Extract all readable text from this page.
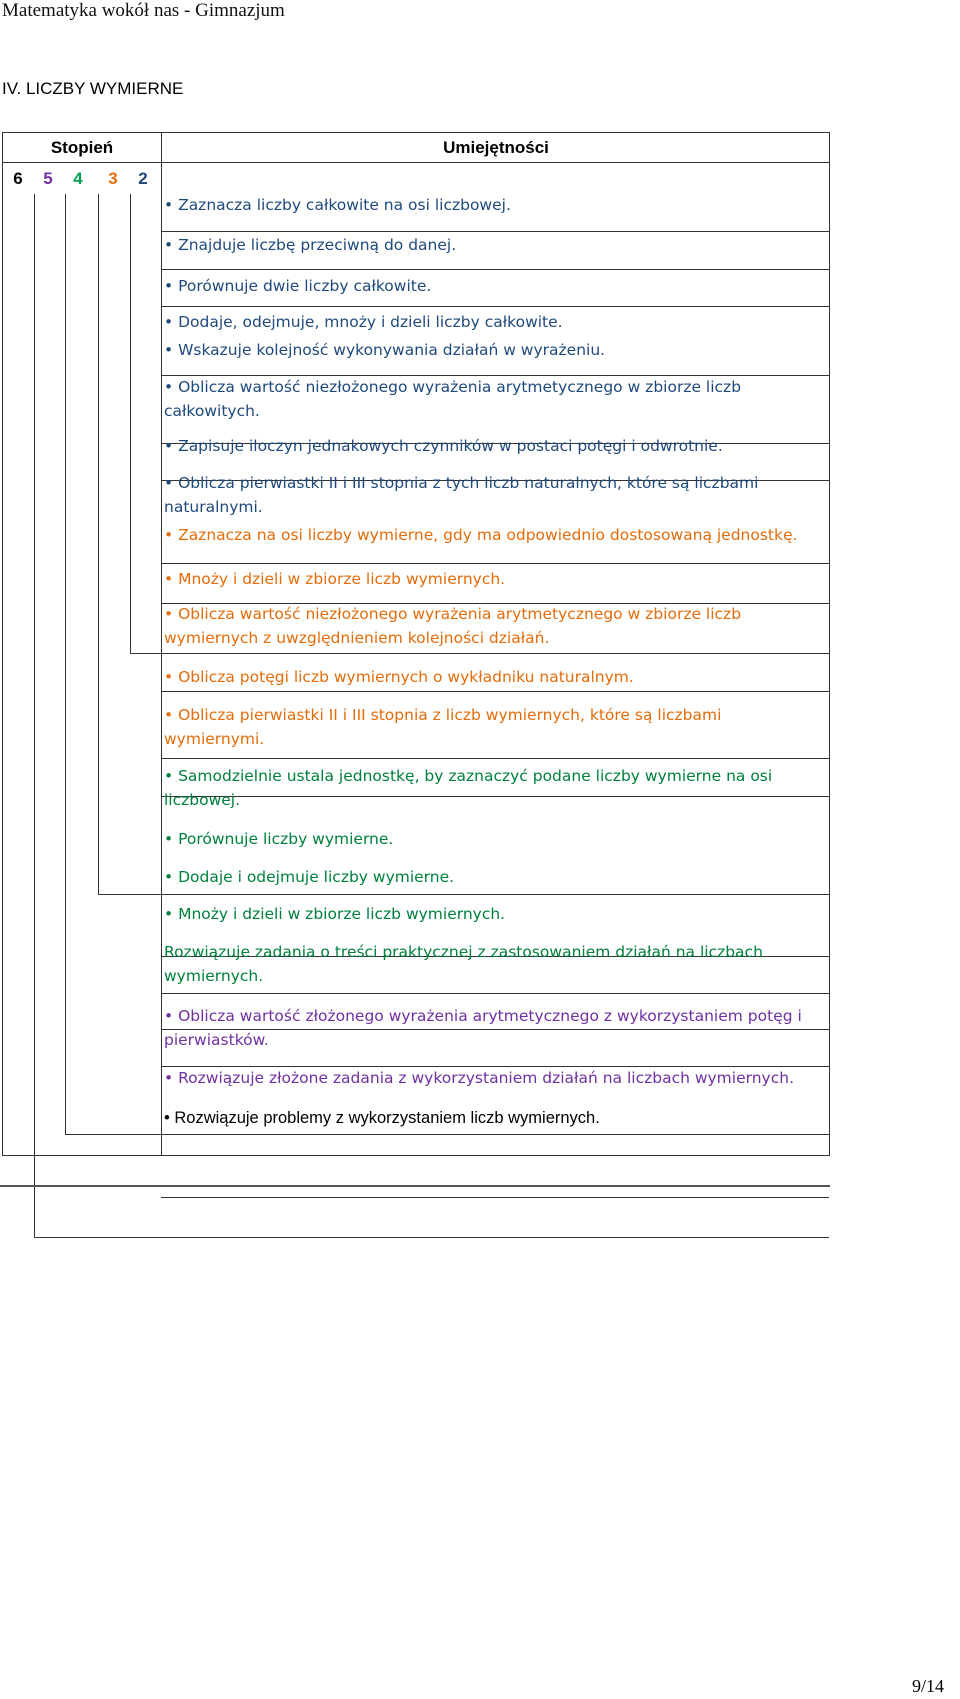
Matematyka wokół nas - Gimnazjum
IV. LICZBY WYMIERNE
Stopień	Umiejętności
6	5	4	3	2
• Zaznacza liczby całkowite na osi liczbowej.
• Znajduje liczbę przeciwną do danej.
• Porównuje dwie liczby całkowite.
• Dodaje, odejmuje, mnoży i dzieli liczby całkowite.
• Wskazuje kolejność wykonywania działań w wyrażeniu.
• Oblicza wartość niezłożonego wyrażenia arytmetycznego w zbiorze liczb całkowitych.
• Zapisuje iloczyn jednakowych czynników w postaci potęgi i odwrotnie.
• Oblicza pierwiastki II i III stopnia z tych liczb naturalnych, które są liczbami naturalnymi.
• Zaznacza na osi liczby wymierne, gdy ma odpowiednio dostosowaną jednostkę.
• Mnoży i dzieli w zbiorze liczb wymiernych.
• Oblicza wartość niezłożonego wyrażenia arytmetycznego w zbiorze liczb wymiernych z uwzględnieniem kolejności działań.
• Oblicza potęgi liczb wymiernych o wykładniku naturalnym.
• Oblicza pierwiastki II i III stopnia z liczb wymiernych, które są liczbami wymiernymi.
• Samodzielnie ustala jednostkę, by zaznaczyć podane liczby wymierne na osi liczbowej.
• Porównuje liczby wymierne.
• Dodaje i odejmuje liczby wymierne.
• Mnoży i dzieli w zbiorze liczb wymiernych.
Rozwiązuje zadania o treści praktycznej z zastosowaniem działań na liczbach wymiernych.
• Oblicza wartość złożonego wyrażenia arytmetycznego z wykorzystaniem potęg i pierwiastków.
• Rozwiązuje złożone zadania z wykorzystaniem działań na liczbach wymiernych.
• Rozwiązuje problemy z wykorzystaniem liczb wymiernych.
9/14
